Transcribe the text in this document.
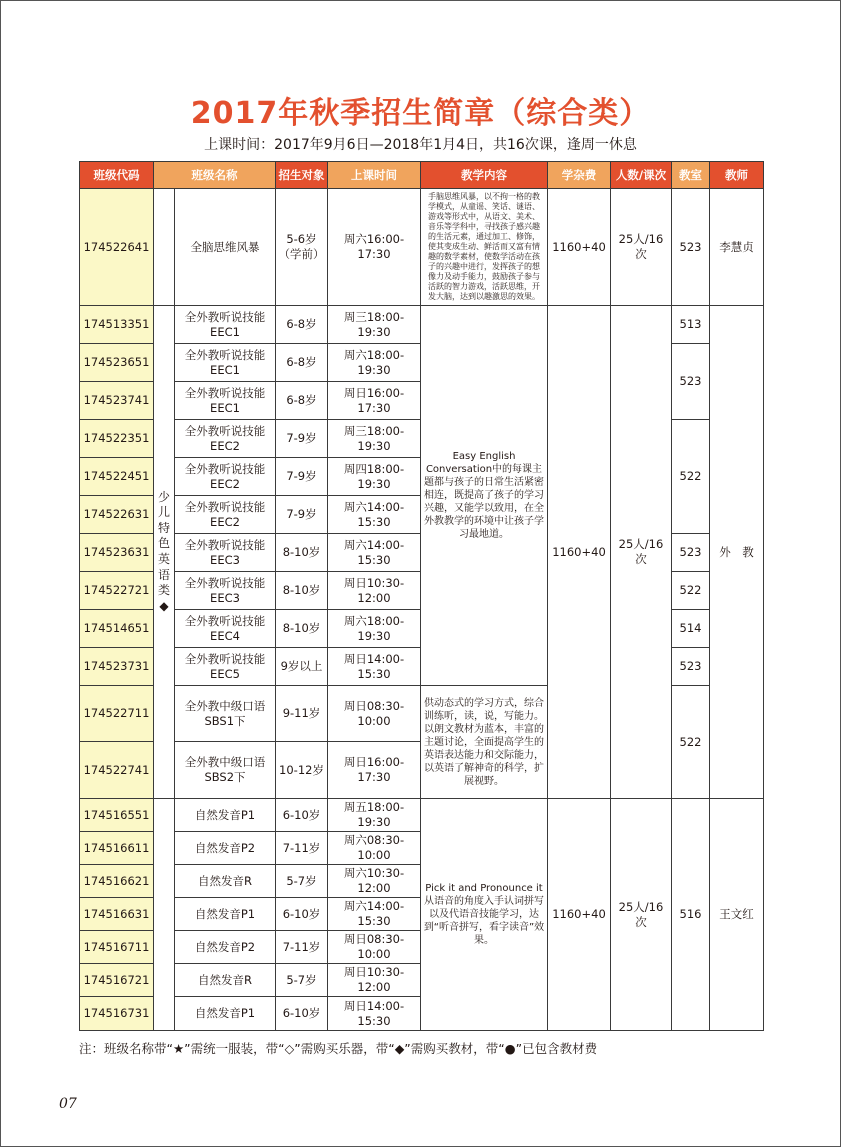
2017年秋季招生简章（综合类）
上课时间：2017年9月6日—2018年1月4日，共16次课，逢周一休息
班级代码	班级名称		招生对象	上课时间	教学内容	学杂费	人数/课次	教室	教师
174522641		全脑思维风暴	5-6岁（学前）	周六16:00-17:30	手脑思维风暴，以不拘一格的教学模式，从童谣、笑话、谜语、游戏等形式中，从语文、美术、音乐等学科中，寻找孩子感兴趣的生活元素，通过加工、修饰，使其变成生动、鲜活而又富有情趣的数学素材，使数学活动在孩子的兴趣中进行，发挥孩子的想像力及动手能力，鼓励孩子参与活跃的智力游戏，活跃思维，开发大脑，达到以趣激思的效果。	1160+40	25人/16次	523	李慧贞
174513351	少儿特色英语类◆	全外教听说技能EEC1	6-8岁	周三18:00-19:30	Easy English Conversation中的每课主题都与孩子的日常生活紧密相连，既提高了孩子的学习兴趣，又能学以致用，在全外教教学的环境中让孩子学习最地道。	1160+40	25人/16次	513	外　教
174523651		全外教听说技能EEC1	6-8岁	周六18:00-19:30				523	
174523741		全外教听说技能EEC1	6-8岁	周日16:00-17:30					
174522351		全外教听说技能EEC2	7-9岁	周三18:00-19:30				522	
174522451		全外教听说技能EEC2	7-9岁	周四18:00-19:30					
174522631		全外教听说技能EEC2	7-9岁	周六14:00-15:30					
174523631		全外教听说技能EEC3	8-10岁	周六14:00-15:30				523	
174522721		全外教听说技能EEC3	8-10岁	周日10:30-12:00				522	
174514651		全外教听说技能EEC4	8-10岁	周六18:00-19:30				514	
174523731		全外教听说技能EEC5	9岁以上	周日14:00-15:30				523	
174522711		全外教中级口语SBS1下	9-11岁	周日08:30-10:00	供动态式的学习方式，综合训练听，读，说，写能力。以朗文教材为蓝本，丰富的主题讨论，全面提高学生的英语表达能力和交际能力，以英语了解神奇的科学，扩展视野。			522	
174522741		全外教中级口语SBS2下	10-12岁	周日16:00-17:30					
174516551		自然发音P1	6-10岁	周五18:00-19:30	Pick it and Pronounce it从语音的角度入手认词拼写以及代语音技能学习，达到“听音拼写，看字读音”效果。	1160+40	25人/16次	516	王文红
174516611		自然发音P2	7-11岁	周六08:30-10:00					
174516621		自然发音R	5-7岁	周六10:30-12:00					
174516631		自然发音P1	6-10岁	周六14:00-15:30					
174516711		自然发音P2	7-11岁	周日08:30-10:00					
174516721		自然发音R	5-7岁	周日10:30-12:00					
174516731		自然发音P1	6-10岁	周日14:00-15:30					
注：班级名称带“★”需统一服装，带“◇”需购买乐器，带“◆”需购买教材，带“●”已包含教材费
07
